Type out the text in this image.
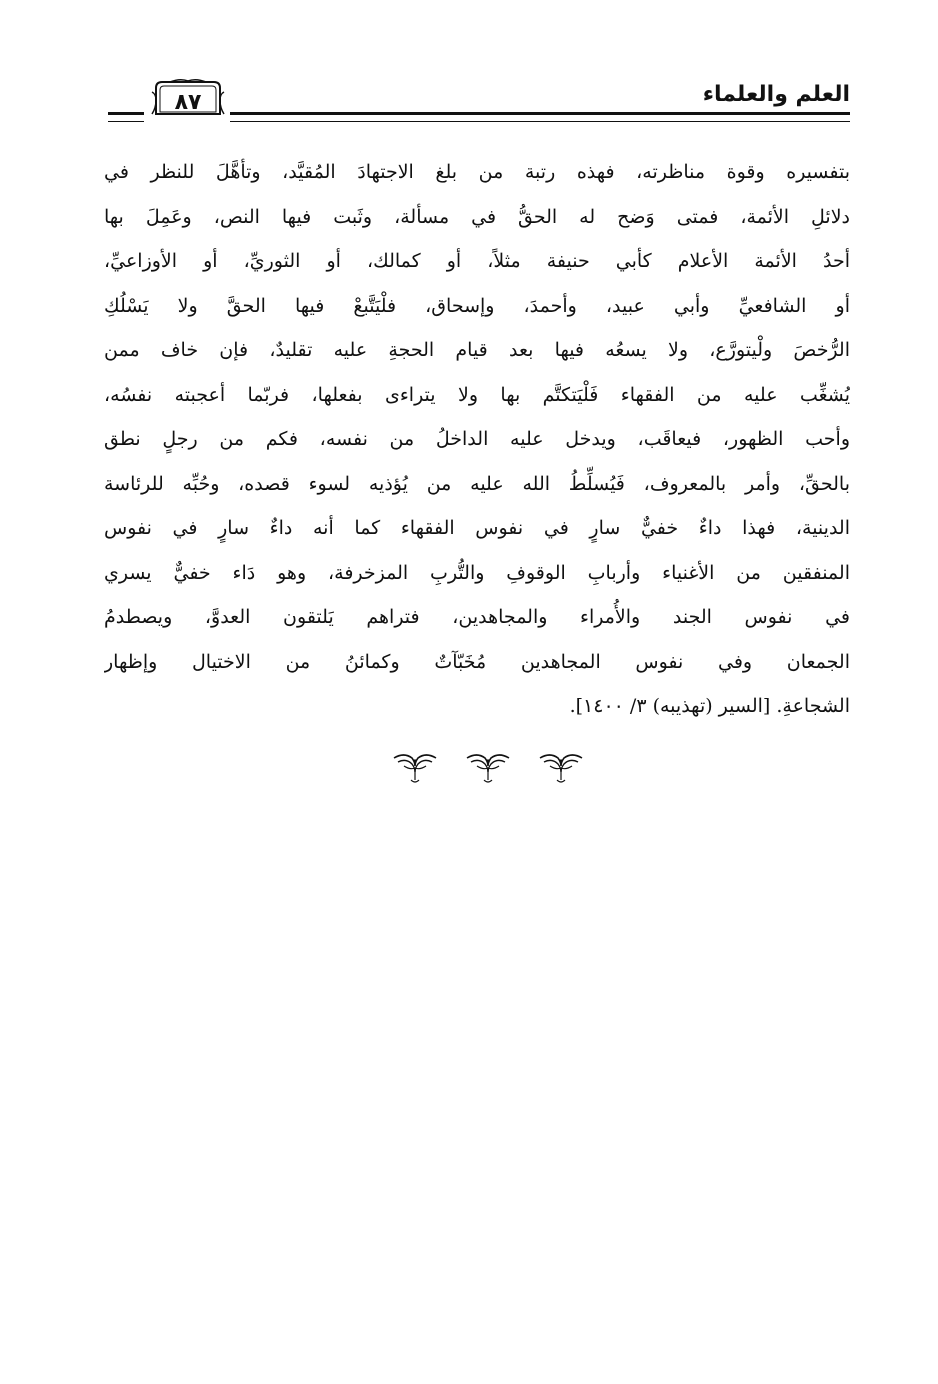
العلم والعلماء
٨٧
بتفسيره وقوة مناظرته، فهذه رتبة من بلغ الاجتهادَ المُقيَّد، وتأهَّلَ للنظر في
دلائلِ الأئمة، فمتى وَضح له الحقُّ في مسألة، وثَبت فيها النص، وعَمِلَ بها
أحدُ الأئمة الأعلام كأبي حنيفة مثلاً، أو كمالك، أو الثوريِّ، أو الأوزاعيِّ،
أو الشافعيِّ وأبي عبيد، وأحمدَ، وإسحاق، فلْيَتَّبعْ فيها الحقَّ ولا يَسْلُكِ
الرُّخصَ ولْيتورَّع، ولا يسعُه فيها بعد قيام الحجةِ عليه تقليدٌ، فإن خاف ممن
يُشغِّب عليه من الفقهاء فَلْيَتكتَّم بها ولا يتراءى بفعلها، فربّما أعجبته نفسُه،
وأحب الظهور، فيعاقَب، ويدخل عليه الداخلُ من نفسه، فكم من رجلٍ نطق
بالحقِّ، وأمر بالمعروف، فَيُسلِّطُ الله عليه من يُؤذيه لسوء قصده، وحُبِّه للرئاسة
الدينية، فهذا داءٌ خفيٌّ سارٍ في نفوس الفقهاء كما أنه داءٌ سارٍ في نفوس
المنفقين من الأغنياء وأربابِ الوقوفِ والتُّربِ المزخرفة، وهو دَاء خفيٌّ يسري
في نفوس الجند والأُمراء والمجاهدين، فتراهم يَلتقون العدوَّ، ويصطدمُ
الجمعان وفي نفوس المجاهدين مُخَبّآتٌ وكمائنُ من الاختيال وإظهار
الشجاعةِ. [السير (تهذيبه) ٣/ ١٤٠٠].
